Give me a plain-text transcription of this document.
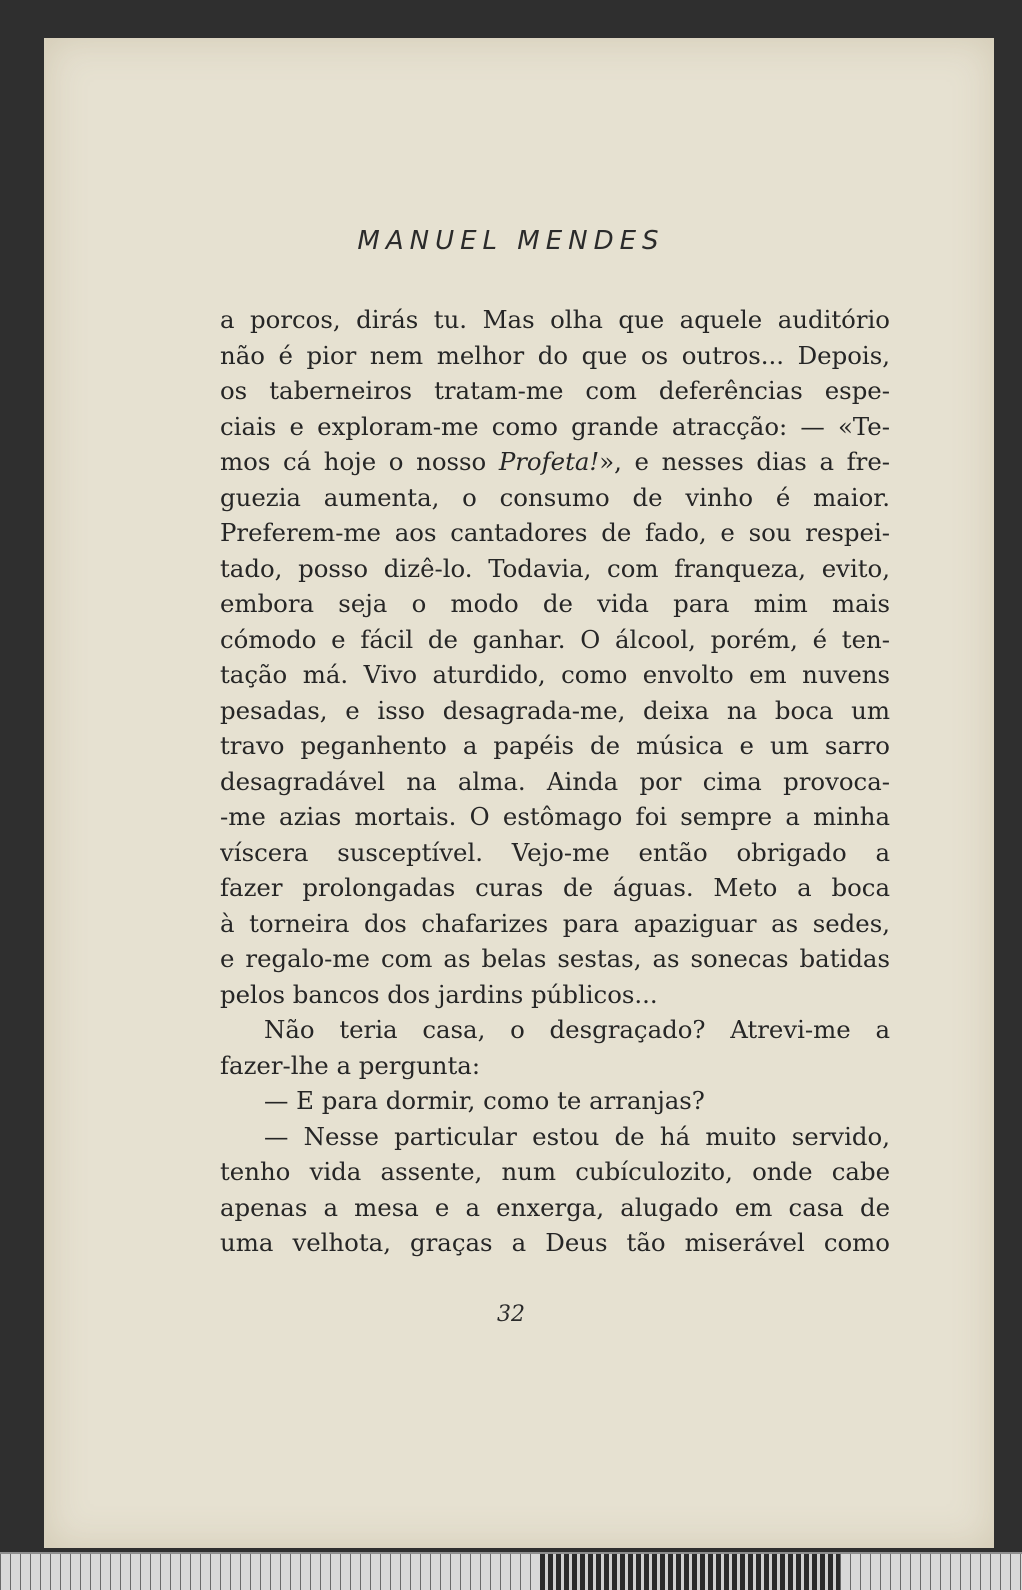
MANUEL MENDES
a porcos, dirás tu. Mas olha que aquele auditório
não é pior nem melhor do que os outros... Depois,
os taberneiros tratam-me com deferências espe-
ciais e exploram-me como grande atracção: — «Te-
mos cá hoje o nosso Profeta!», e nesses dias a fre-
guezia aumenta, o consumo de vinho é maior.
Preferem-me aos cantadores de fado, e sou respei-
tado, posso dizê-lo. Todavia, com franqueza, evito,
embora seja o modo de vida para mim mais
cómodo e fácil de ganhar. O álcool, porém, é ten-
tação má. Vivo aturdido, como envolto em nuvens
pesadas, e isso desagrada-me, deixa na boca um
travo peganhento a papéis de música e um sarro
desagradável na alma. Ainda por cima provoca-
-me azias mortais. O estômago foi sempre a minha
víscera susceptível. Vejo-me então obrigado a
fazer prolongadas curas de águas. Meto a boca
à torneira dos chafarizes para apaziguar as sedes,
e regalo-me com as belas sestas, as sonecas batidas
pelos bancos dos jardins públicos...
Não teria casa, o desgraçado? Atrevi-me a
fazer-lhe a pergunta:
— E para dormir, como te arranjas?
— Nesse particular estou de há muito servido,
tenho vida assente, num cubículozito, onde cabe
apenas a mesa e a enxerga, alugado em casa de
uma velhota, graças a Deus tão miserável como
32
